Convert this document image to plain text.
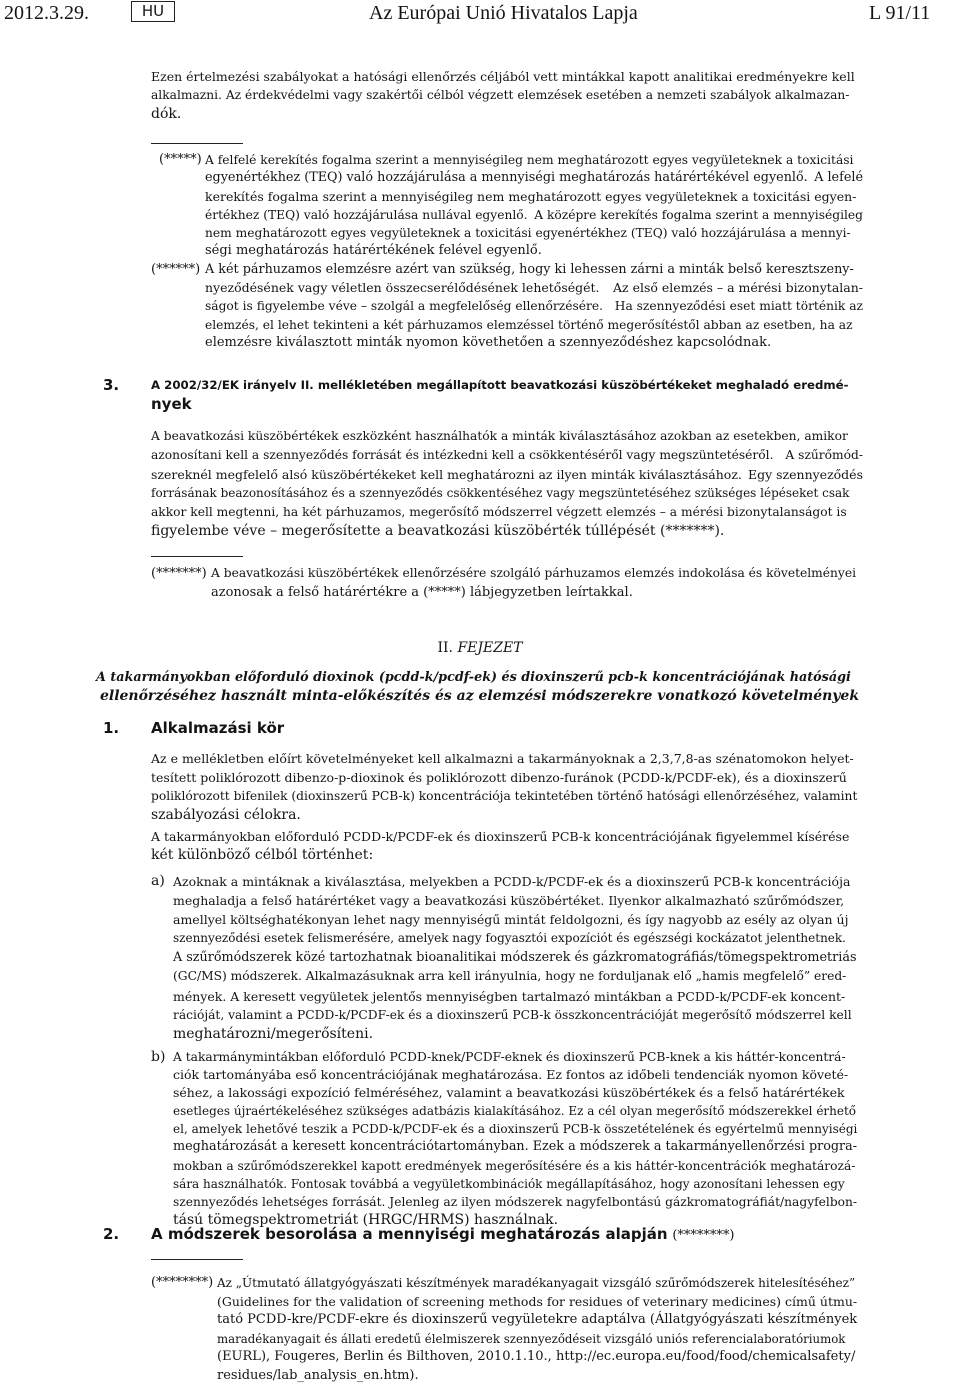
2012.3.29.	HU	Az Európai Unió Hivatalos Lapja	L 91/11
Ezen értelmezési szabályokat a hatósági ellenőrzés céljából vett mintákkal kapott analitikai eredményekre kell
alkalmazni. Az érdekvédelmi vagy szakértői célból végzett elemzések esetében a nemzeti szabályok alkalmazan-
dók.
(*****) A felfelé kerekítés fogalma szerint a mennyiségileg nem meghatározott egyes vegyületeknek a toxicitási
egyenértékhez (TEQ) való hozzájárulása a mennyiségi meghatározás határértékével egyenlő. A lefelé
kerekítés fogalma szerint a mennyiségileg nem meghatározott egyes vegyületeknek a toxicitási egyen-
értékhez (TEQ) való hozzájárulása nullával egyenlő. A középre kerekítés fogalma szerint a mennyiségileg
nem meghatározott egyes vegyületeknek a toxicitási egyenértékhez (TEQ) való hozzájárulása a mennyi-
ségi meghatározás határértékének felével egyenlő.
(******) A két párhuzamos elemzésre azért van szükség, hogy ki lehessen zárni a minták belső keresztszeny-
nyeződésének vagy véletlen összecserélődésének lehetőségét. Az első elemzés – a mérési bizonytalan-
ságot is figyelembe véve – szolgál a megfelelőség ellenőrzésére. Ha szennyeződési eset miatt történik az
elemzés, el lehet tekinteni a két párhuzamos elemzéssel történő megerősítéstől abban az esetben, ha az
elemzésre kiválasztott minták nyomon követhetően a szennyeződéshez kapcsolódnak.
3.	A 2002/32/EK irányelv II. mellékletében megállapított beavatkozási küszöbértékeket meghaladó eredmé-
nyek
A beavatkozási küszöbértékek eszközként használhatók a minták kiválasztásához azokban az esetekben, amikor
azonosítani kell a szennyeződés forrását és intézkedni kell a csökkentéséről vagy megszüntetéséről. A szűrőmód-
szereknél megfelelő alsó küszöbértékeket kell meghatározni az ilyen minták kiválasztásához. Egy szennyeződés
forrásának beazonosításához és a szennyeződés csökkentéséhez vagy megszüntetéséhez szükséges lépéseket csak
akkor kell megtenni, ha két párhuzamos, megerősítő módszerrel végzett elemzés – a mérési bizonytalanságot is
figyelembe véve – megerősítette a beavatkozási küszöbérték túllépését (*******).
(*******) A beavatkozási küszöbértékek ellenőrzésére szolgáló párhuzamos elemzés indokolása és követelményei
azonosak a felső határértékre a (*****) lábjegyzetben leírtakkal.
II. FEJEZET
A takarmányokban előforduló dioxinok (pcdd-k/pcdf-ek) és dioxinszerű pcb-k koncentrációjának hatósági
ellenőrzéséhez használt minta-előkészítés és az elemzési módszerekre vonatkozó követelmények
1. Alkalmazási kör
Az e mellékletben előírt követelményeket kell alkalmazni a takarmányoknak a 2,3,7,8-as szénatomokon helyet-
tesített poliklórozott dibenzo-p-dioxinok és poliklórozott dibenzo-furánok (PCDD-k/PCDF-ek), és a dioxinszerű
poliklórozott bifenilek (dioxinszerű PCB-k) koncentrációja tekintetében történő hatósági ellenőrzéséhez, valamint
szabályozási célokra.
A takarmányokban előforduló PCDD-k/PCDF-ek és dioxinszerű PCB-k koncentrációjának figyelemmel kísérése
két különböző célból történhet:
a) Azoknak a mintáknak a kiválasztása, melyekben a PCDD-k/PCDF-ek és a dioxinszerű PCB-k koncentrációja
meghaladja a felső határértéket vagy a beavatkozási küszöbértéket. Ilyenkor alkalmazható szűrőmódszer,
amellyel költséghatékonyan lehet nagy mennyiségű mintát feldolgozni, és így nagyobb az esély az olyan új
szennyeződési esetek felismerésére, amelyek nagy fogyasztói expozíciót és egészségi kockázatot jelenthetnek.
A szűrőmódszerek közé tartozhatnak bioanalitikai módszerek és gázkromatográfiás/tömegspektrometriás
(GC/MS) módszerek. Alkalmazásuknak arra kell irányulnia, hogy ne forduljanak elő „hamis megfelelő” ered-
mények. A keresett vegyületek jelentős mennyiségben tartalmazó mintákban a PCDD-k/PCDF-ek koncent-
rációját, valamint a PCDD-k/PCDF-ek és a dioxinszerű PCB-k összkoncentrációját megerősítő módszerrel kell
meghatározni/megerősíteni.
b) A takarmánymintákban előforduló PCDD-knek/PCDF-eknek és dioxinszerű PCB-knek a kis háttér-koncentrá-
ciók tartományába eső koncentrációjának meghatározása. Ez fontos az időbeli tendenciák nyomon követé-
séhez, a lakossági expozíció felméréséhez, valamint a beavatkozási küszöbértékek és a felső határértékek
esetleges újraértékeléséhez szükséges adatbázis kialakításához. Ez a cél olyan megerősítő módszerekkel érhető
el, amelyek lehetővé teszik a PCDD-k/PCDF-ek és a dioxinszerű PCB-k összetételének és egyértelmű mennyiségi
meghatározását a keresett koncentrációtartományban. Ezek a módszerek a takarmányellenőrzési progra-
mokban a szűrőmódszerekkel kapott eredmények megerősítésére és a kis háttér-koncentrációk meghatározá-
sára használhatók. Fontosak továbbá a vegyületkombinációk megállapításához, hogy azonosítani lehessen egy
szennyeződés lehetséges forrását. Jelenleg az ilyen módszerek nagyfelbontású gázkromatográfiát/nagyfelbon-
tású tömegspektrometriát (HRGC/HRMS) használnak.
2. A módszerek besorolása a mennyiségi meghatározás alapján (********)
(********) Az „Útmutató állatgyógyászati készítmények maradékanyagait vizsgáló szűrőmódszerek hitelesítéséhez”
(Guidelines for the validation of screening methods for residues of veterinary medicines) című útmu-
tató PCDD-kre/PCDF-ekre és dioxinszerű vegyületekre adaptálva (Állatgyógyászati készítmények
maradékanyagait és állati eredetű élelmiszerek szennyeződéseit vizsgáló uniós referencialaboratóriumok
(EURL), Fougeres, Berlin és Bilthoven, 2010.1.10., http://ec.europa.eu/food/food/chemicalsafety/
residues/lab_analysis_en.htm).
